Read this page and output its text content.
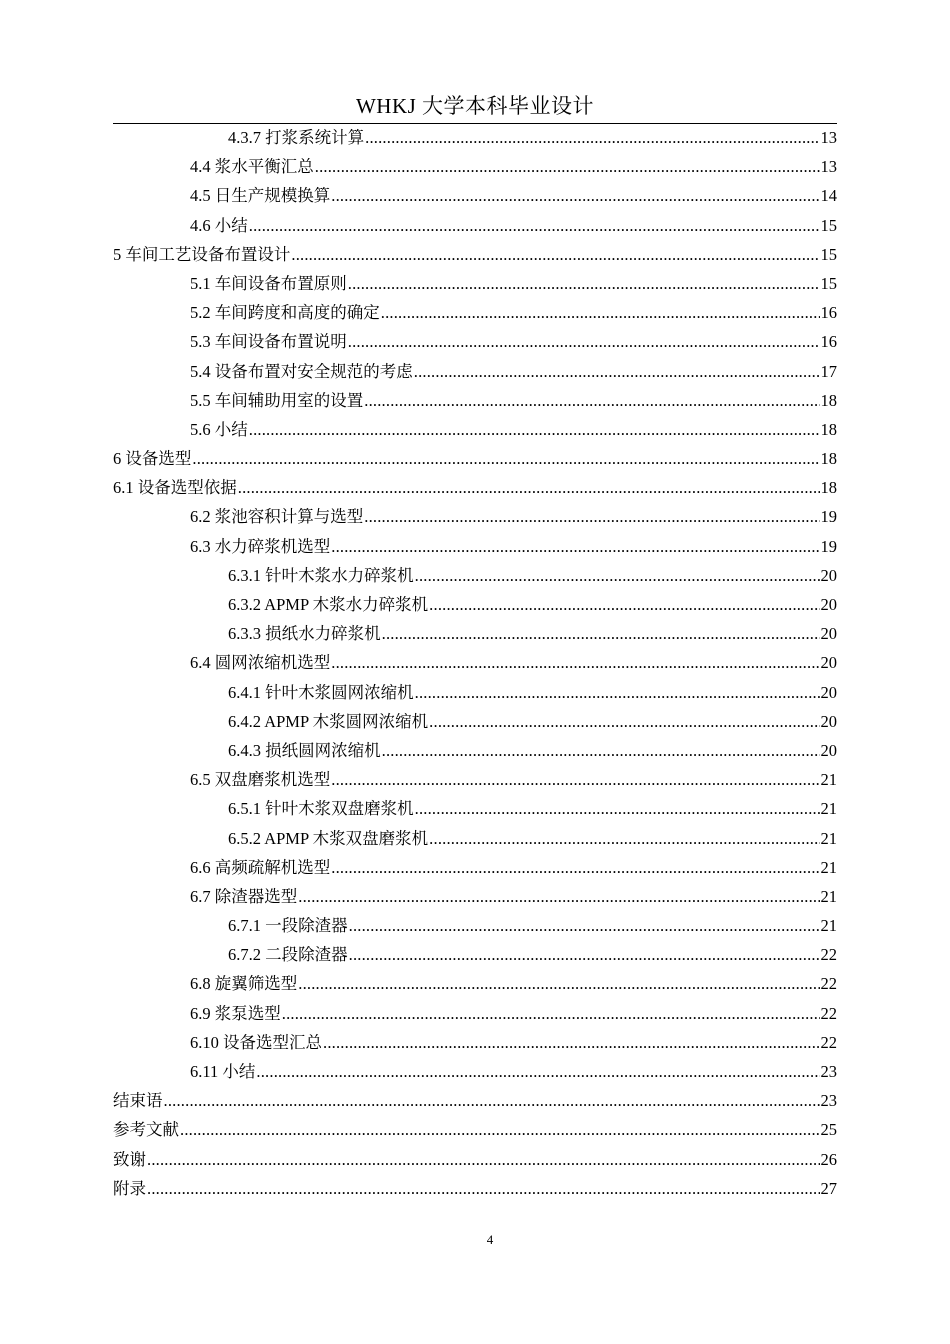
WHKJ 大学本科毕业设计
4.3.7 打浆系统计算 .....	13
4.4 浆水平衡汇总 .....	13
4.5 日生产规模换算 .....	14
4.6 小结 .....	15
5 车间工艺设备布置设计 .....	15
5.1 车间设备布置原则 .....	15
5.2 车间跨度和高度的确定 .....	16
5.3 车间设备布置说明 .....	16
5.4 设备布置对安全规范的考虑 .....	17
5.5 车间辅助用室的设置 .....	18
5.6 小结 .....	18
6 设备选型 .....	18
6.1 设备选型依据 .....	18
6.2 浆池容积计算与选型 .....	19
6.3 水力碎浆机选型 .....	19
6.3.1 针叶木浆水力碎浆机 .....	20
6.3.2 APMP 木浆水力碎浆机 .....	20
6.3.3 损纸水力碎浆机 .....	20
6.4 圆网浓缩机选型 .....	20
6.4.1 针叶木浆圆网浓缩机 .....	20
6.4.2 APMP 木浆圆网浓缩机 .....	20
6.4.3 损纸圆网浓缩机 .....	20
6.5 双盘磨浆机选型 .....	21
6.5.1 针叶木浆双盘磨浆机 .....	21
6.5.2 APMP 木浆双盘磨浆机 .....	21
6.6 高频疏解机选型 .....	21
6.7 除渣器选型 .....	21
6.7.1 一段除渣器 .....	21
6.7.2 二段除渣器 .....	22
6.8 旋翼筛选型 .....	22
6.9 浆泵选型 .....	22
6.10 设备选型汇总 .....	22
6.11 小结 .....	23
结束语 .....	23
参考文献 .....	25
致谢 .....	26
附录 .....	27
4
